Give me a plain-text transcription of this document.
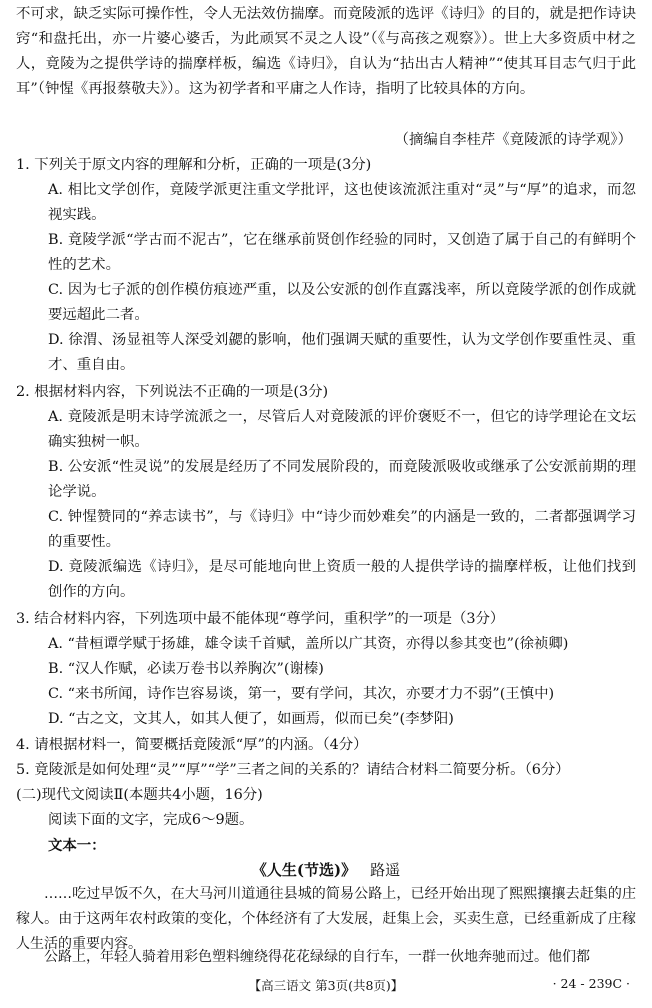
不可求，缺乏实际可操作性，令人无法效仿揣摩。而竟陵派的选评《诗归》的目的，就是把作诗诀窍“和盘托出，亦一片婆心婆舌，为此顽冥不灵之人设”（《与高孩之观察》）。世上大多资质中材之人，竟陵为之提供学诗的揣摩样板，编选《诗归》，自认为“拈出古人精神”“使其耳目志气归于此耳”（钟惺《再报蔡敬夫》）。这为初学者和平庸之人作诗，指明了比较具体的方向。
（摘编自李桂芹《竟陵派的诗学观》）
1. 下列关于原文内容的理解和分析，正确的一项是(3分)
A. 相比文学创作，竟陵学派更注重文学批评，这也使该流派注重对“灵”与“厚”的追求，而忽视实践。
B. 竟陵学派“学古而不泥古”，它在继承前贤创作经验的同时，又创造了属于自己的有鲜明个性的艺术。
C. 因为七子派的创作模仿痕迹严重，以及公安派的创作直露浅率，所以竟陵学派的创作成就要远超此二者。
D. 徐渭、汤显祖等人深受刘勰的影响，他们强调天赋的重要性，认为文学创作要重性灵、重才、重自由。
2. 根据材料内容，下列说法不正确的一项是(3分)
A. 竟陵派是明末诗学流派之一，尽管后人对竟陵派的评价褒贬不一，但它的诗学理论在文坛确实独树一帜。
B. 公安派“性灵说”的发展是经历了不同发展阶段的，而竟陵派吸收或继承了公安派前期的理论学说。
C. 钟惺赞同的“养志读书”，与《诗归》中“诗少而妙难矣”的内涵是一致的，二者都强调学习的重要性。
D. 竟陵派编选《诗归》，是尽可能地向世上资质一般的人提供学诗的揣摩样板，让他们找到创作的方向。
3. 结合材料内容，下列选项中最不能体现“尊学问，重积学”的一项是（3分）
A. “昔桓谭学赋于扬雄，雄令读千首赋，盖所以广其资，亦得以参其变也”(徐祯卿)
B. “汉人作赋，必读万卷书以养胸次”(谢榛)
C. “来书所闻，诗作岂容易谈，第一，要有学问，其次，亦要才力不弱”(王慎中)
D. “古之文，文其人，如其人便了，如画焉，似而已矣”(李梦阳)
4. 请根据材料一，简要概括竟陵派“厚”的内涵。（4分）
5. 竟陵派是如何处理“灵”“厚”“学”三者之间的关系的？请结合材料二简要分析。（6分）
(二)现代文阅读Ⅱ(本题共4小题，16分)
阅读下面的文字，完成6～9题。
文本一：
《人生(节选)》 路遥
……吃过早饭不久，在大马河川道通往县城的简易公路上，已经开始出现了熙熙攘攘去赶集的庄稼人。由于这两年农村政策的变化，个体经济有了大发展，赶集上会，买卖生意，已经重新成了庄稼人生活的重要内容。
公路上，年轻人骑着用彩色塑料缠绕得花花绿绿的自行车，一群一伙地奔驰而过。他们都
【高三语文 第3页(共8页)】	· 24 - 239C ·
